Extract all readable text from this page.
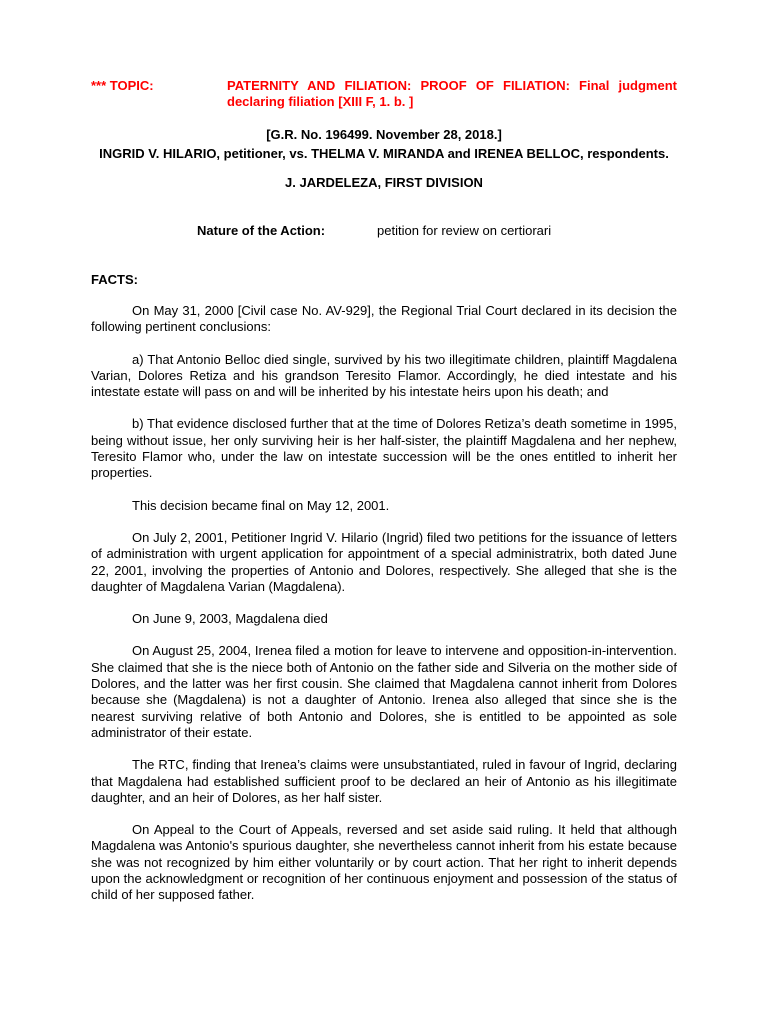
*** TOPIC:	PATERNITY AND FILIATION: PROOF OF FILIATION: Final judgment declaring filiation [XIII F, 1. b. ]
[G.R. No. 196499. November 28, 2018.]
INGRID V. HILARIO, petitioner, vs. THELMA V. MIRANDA and IRENEA BELLOC, respondents.
J. JARDELEZA, FIRST DIVISION
Nature of the Action:	petition for review on certiorari
FACTS:

On May 31, 2000 [Civil case No. AV-929], the Regional Trial Court declared in its decision the following pertinent conclusions:

a) That Antonio Belloc died single, survived by his two illegitimate children, plaintiff Magdalena Varian, Dolores Retiza and his grandson Teresito Flamor. Accordingly, he died intestate and his intestate estate will pass on and will be inherited by his intestate heirs upon his death; and

b) That evidence disclosed further that at the time of Dolores Retiza’s death sometime in 1995, being without issue, her only surviving heir is her half-sister, the plaintiff Magdalena and her nephew, Teresito Flamor who, under the law on intestate succession will be the ones entitled to inherit her properties.

This decision became final on May 12, 2001.

On July 2, 2001, Petitioner Ingrid V. Hilario (Ingrid) filed two petitions for the issuance of letters of administration with urgent application for appointment of a special administratrix, both dated June 22, 2001, involving the properties of Antonio and Dolores, respectively. She alleged that she is the daughter of Magdalena Varian (Magdalena).

On June 9, 2003, Magdalena died

On August 25, 2004, Irenea filed a motion for leave to intervene and opposition-in-intervention. She claimed that she is the niece both of Antonio on the father side and Silveria on the mother side of Dolores, and the latter was her first cousin. She claimed that Magdalena cannot inherit from Dolores because she (Magdalena) is not a daughter of Antonio. Irenea also alleged that since she is the nearest surviving relative of both Antonio and Dolores, she is entitled to be appointed as sole administrator of their estate.

The RTC, finding that Irenea’s claims were unsubstantiated, ruled in favour of Ingrid, declaring that Magdalena had established sufficient proof to be declared an heir of Antonio as his illegitimate daughter, and an heir of Dolores, as her half sister.

On Appeal to the Court of Appeals, reversed and set aside said ruling. It held that although Magdalena was Antonio's spurious daughter, she nevertheless cannot inherit from his estate because she was not recognized by him either voluntarily or by court action. That her right to inherit depends upon the acknowledgment or recognition of her continuous enjoyment and possession of the status of child of her supposed father.
